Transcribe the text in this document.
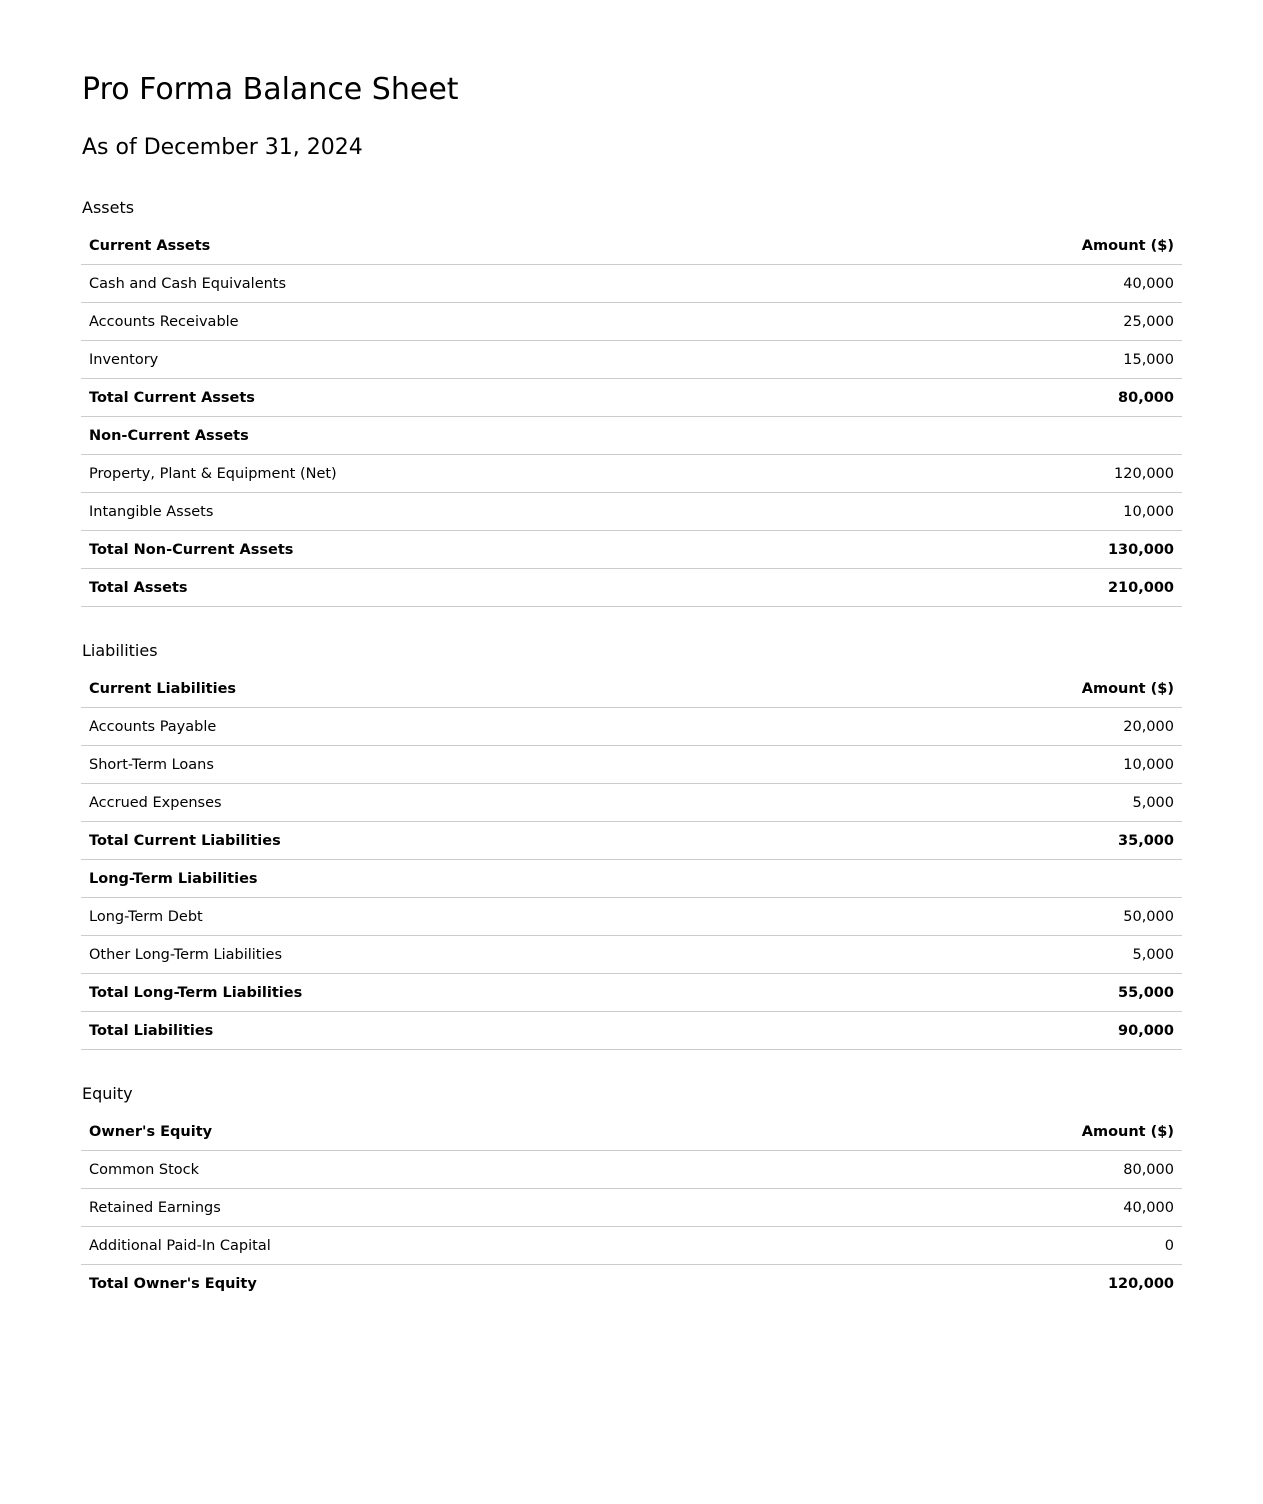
Pro Forma Balance Sheet
As of December 31, 2024
Assets
Current Assets	Amount ($)
Cash and Cash Equivalents	40,000
Accounts Receivable	25,000
Inventory	15,000
Total Current Assets	80,000
Non-Current Assets	
Property, Plant & Equipment (Net)	120,000
Intangible Assets	10,000
Total Non-Current Assets	130,000
Total Assets	210,000
Liabilities
Current Liabilities	Amount ($)
Accounts Payable	20,000
Short-Term Loans	10,000
Accrued Expenses	5,000
Total Current Liabilities	35,000
Long-Term Liabilities	
Long-Term Debt	50,000
Other Long-Term Liabilities	5,000
Total Long-Term Liabilities	55,000
Total Liabilities	90,000
Equity
Owner's Equity	Amount ($)
Common Stock	80,000
Retained Earnings	40,000
Additional Paid-In Capital	0
Total Owner's Equity	120,000
